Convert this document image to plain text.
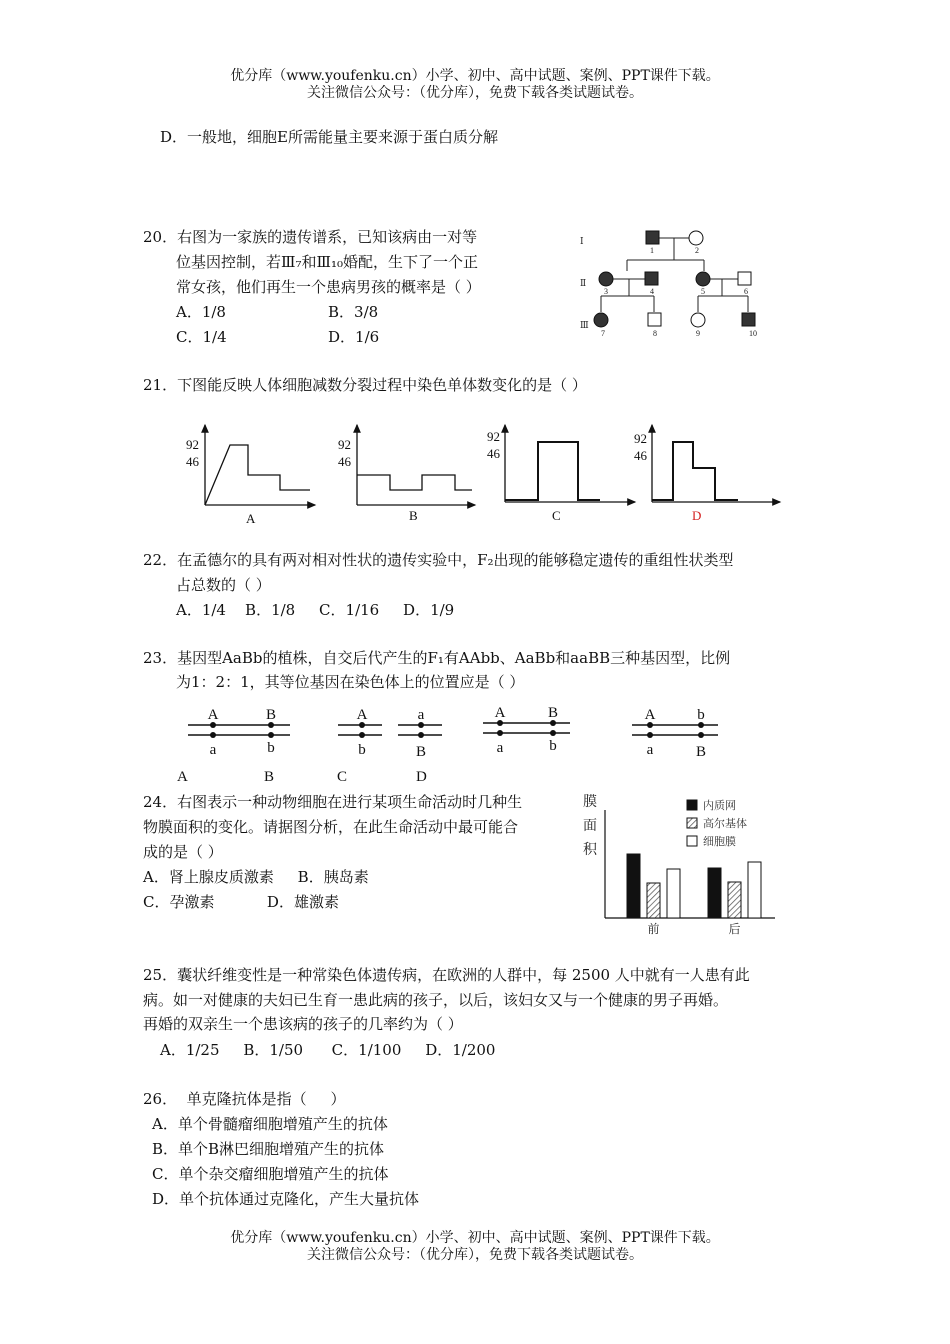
优分库（www.youfenku.cn）小学、初中、高中试题、案例、PPT课件下载。
关注微信公众号：（优分库），免费下载各类试题试卷。
D．一般地，细胞E所需能量主要来源于蛋白质分解
20．右图为一家族的遗传谱系，已知该病由一对等
位基因控制，若Ⅲ₇和Ⅲ₁₀婚配，生下了一个正
常女孩，他们再生一个患病男孩的概率是（ ）
A．1/8	B．3/8
C．1/4	D．1/6
Ⅰ
Ⅱ
Ⅲ
1	2
3	4	5	6
7	8	9	10
21．下图能反映人体细胞减数分裂过程中染色单体数变化的是（ ）
92
46
92
46
92
46
92
46
A	B	C	D
22．在孟德尔的具有两对相对性状的遗传实验中，F₂出现的能够稳定遗传的重组性状类型
占总数的（ ）
A．1/4    B．1/8     C．1/16     D．1/9
23．基因型AaBb的植株，自交后代产生的F₁有AAbb、AaBb和aaBB三种基因型，比例
为1：2：1，其等位基因在染色体上的位置应是（ ）
A	B
a	b
A	a
b	B
A	B
a	b
A	b
a	B
A	B	C	D
24．右图表示一种动物细胞在进行某项生命活动时几种生
物膜面积的变化。请据图分析，在此生命活动中最可能合
成的是（ ）
A．肾上腺皮质激素     B．胰岛素
C．孕激素           D．雄激素
膜
面
积
内质网
高尔基体
细胞膜
前	后
25．囊状纤维变性是一种常染色体遗传病，在欧洲的人群中，每 2500 人中就有一人患有此
病。如一对健康的夫妇已生育一患此病的孩子，以后，该妇女又与一个健康的男子再婚。
再婚的双亲生一个患该病的孩子的几率约为（ ）
A．1/25     B．1/50      C．1/100     D．1/200
26．  单克隆抗体是指（     ）
A．单个骨髓瘤细胞增殖产生的抗体
B．单个B淋巴细胞增殖产生的抗体
C．单个杂交瘤细胞增殖产生的抗体
D．单个抗体通过克隆化，产生大量抗体
优分库（www.youfenku.cn）小学、初中、高中试题、案例、PPT课件下载。
关注微信公众号：（优分库），免费下载各类试题试卷。
